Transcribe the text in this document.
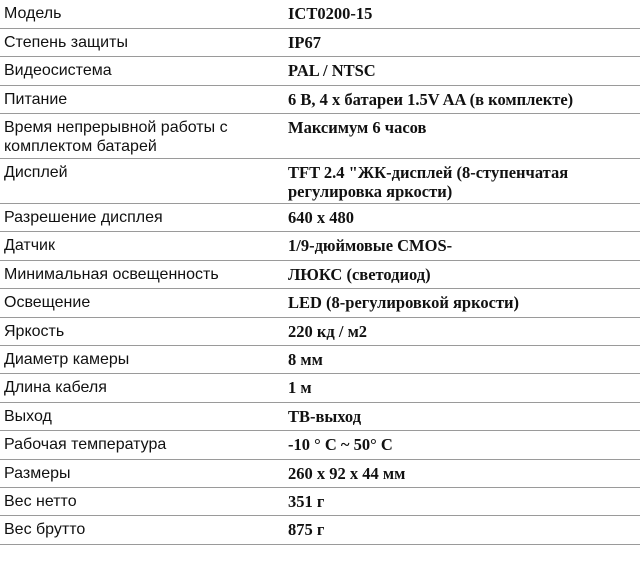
Модель	ICT0200-15
Степень защиты	IP67
Видеосистема	PAL / NTSC
Питание	6 В, 4 x батареи 1.5V AA (в комплекте)
Время непрерывной работы с комплектом батарей	Максимум 6 часов
Дисплей	TFT 2.4 "ЖК-дисплей (8-ступенчатая регулировка яркости)
Разрешение дисплея	640 x 480
Датчик	1/9-дюймовые CMOS-
Минимальная освещенность	ЛЮКС (светодиод)
Освещение	LED (8-регулировкой яркости)
Яркость	220 кд / м2
Диаметр камеры	8 мм
Длина кабеля	1 м
Выход	ТВ-выход
Рабочая температура	-10 ° C ~ 50° C
Размеры	260 x 92 x 44 мм
Вес нетто	351 г
Вес брутто	875 г
